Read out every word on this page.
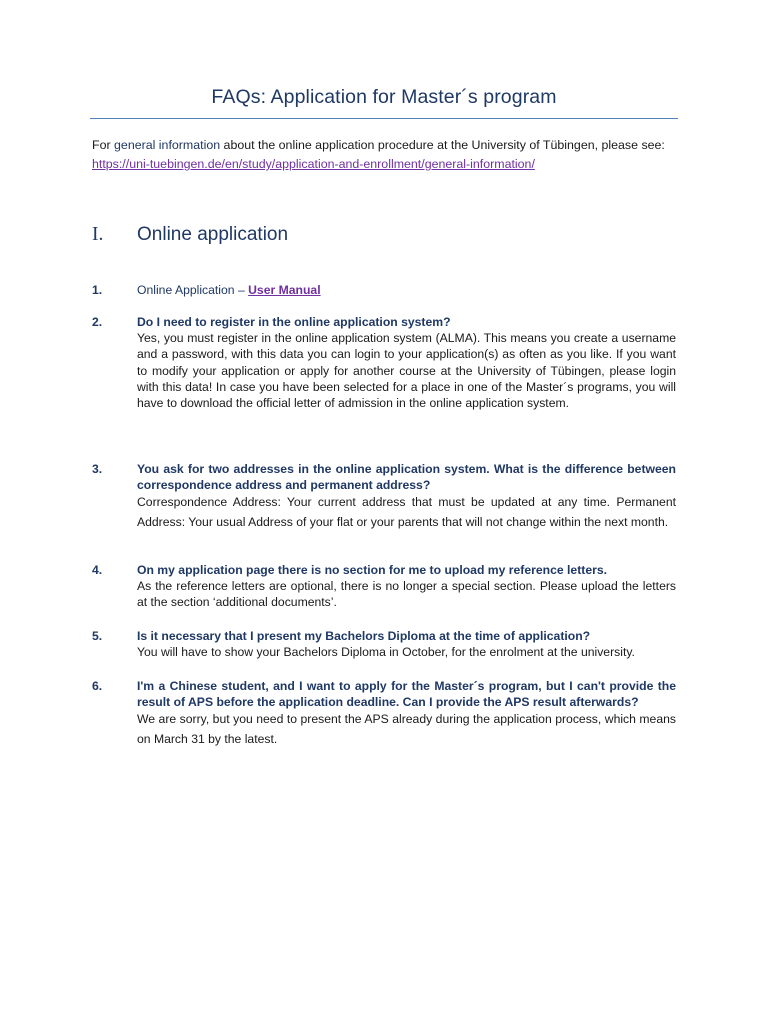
FAQs: Application for Master´s program
For general information about the online application procedure at the University of Tübingen, please see: https://uni-tuebingen.de/en/study/application-and-enrollment/general-information/
I. Online application
1.	Online Application – User Manual
2.	Do I need to register in the online application system?
Yes, you must register in the online application system (ALMA). This means you create a username and a password, with this data you can login to your application(s) as often as you like. If you want to modify your application or apply for another course at the University of Tübingen, please login with this data! In case you have been selected for a place in one of the Master´s programs, you will have to download the official letter of admission in the online application system.
3.	You ask for two addresses in the online application system. What is the difference between correspondence address and permanent address?
Correspondence Address: Your current address that must be updated at any time. Permanent Address: Your usual Address of your flat or your parents that will not change within the next month.
4.	On my application page there is no section for me to upload my reference letters.
As the reference letters are optional, there is no longer a special section. Please upload the letters at the section ‘additional documents’.
5.	Is it necessary that I present my Bachelors Diploma at the time of application?
You will have to show your Bachelors Diploma in October, for the enrolment at the university.
6.	I'm a Chinese student, and I want to apply for the Master´s program, but I can't provide the result of APS before the application deadline. Can I provide the APS result afterwards?
We are sorry, but you need to present the APS already during the application process, which means on March 31 by the latest.
